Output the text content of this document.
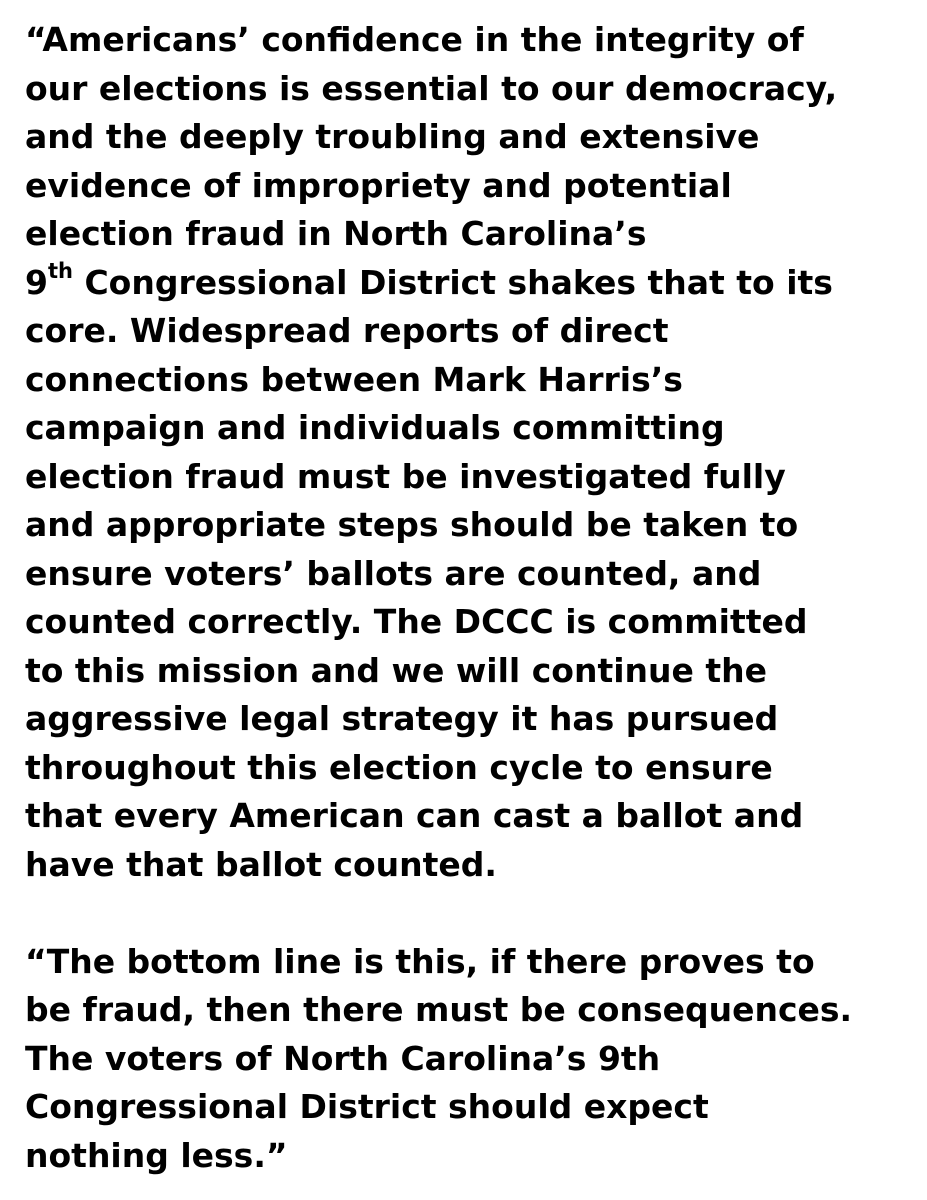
“Americans’ confidence in the integrity of
our elections is essential to our democracy,
and the deeply troubling and extensive
evidence of impropriety and potential
election fraud in North Carolina’s
9th Congressional District shakes that to its
core. Widespread reports of direct
connections between Mark Harris’s
campaign and individuals committing
election fraud must be investigated fully
and appropriate steps should be taken to
ensure voters’ ballots are counted, and
counted correctly. The DCCC is committed
to this mission and we will continue the
aggressive legal strategy it has pursued
throughout this election cycle to ensure
that every American can cast a ballot and
have that ballot counted.
“The bottom line is this, if there proves to
be fraud, then there must be consequences.
The voters of North Carolina’s 9th
Congressional District should expect
nothing less.”
